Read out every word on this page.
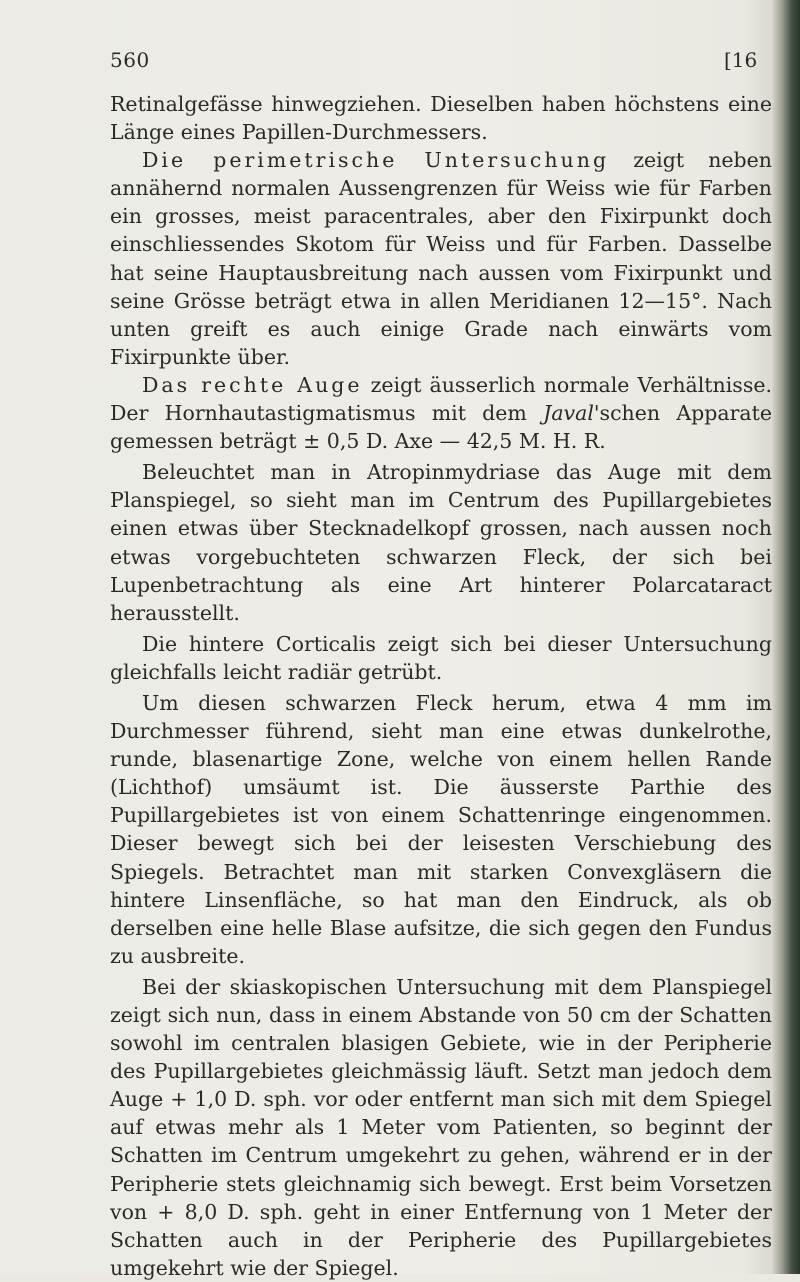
560	[16

Retinalgefässe hinwegziehen. Dieselben haben höchstens eine Länge eines Papillen-Durchmessers.

Die perimetrische Untersuchung zeigt neben annähernd normalen Aussengrenzen für Weiss wie für Farben ein grosses, meist paracentrales, aber den Fixirpunkt doch einschliessendes Skotom für Weiss und für Farben. Dasselbe hat seine Hauptausbreitung nach aussen vom Fixirpunkt und seine Grösse beträgt etwa in allen Meridianen 12—15°. Nach unten greift es auch einige Grade nach einwärts vom Fixirpunkte über.

Das rechte Auge zeigt äusserlich normale Verhältnisse. Der Hornhautastigmatismus mit dem Javal'schen Apparate gemessen beträgt ± 0,5 D. Axe — 42,5 M. H. R.

Beleuchtet man in Atropinmydriase das Auge mit dem Planspiegel, so sieht man im Centrum des Pupillargebietes einen etwas über Stecknadelkopf grossen, nach aussen noch etwas vorgebuchteten schwarzen Fleck, der sich bei Lupenbetrachtung als eine Art hinterer Polarcataract herausstellt.

Die hintere Corticalis zeigt sich bei dieser Untersuchung gleichfalls leicht radiär getrübt.

Um diesen schwarzen Fleck herum, etwa 4 mm im Durchmesser führend, sieht man eine etwas dunkelrothe, runde, blasenartige Zone, welche von einem hellen Rande (Lichthof) umsäumt ist. Die äusserste Parthie des Pupillargebietes ist von einem Schattenringe eingenommen. Dieser bewegt sich bei der leisesten Verschiebung des Spiegels. Betrachtet man mit starken Convexgläsern die hintere Linsenfläche, so hat man den Eindruck, als ob derselben eine helle Blase aufsitze, die sich gegen den Fundus zu ausbreite.

Bei der skiaskopischen Untersuchung mit dem Planspiegel zeigt sich nun, dass in einem Abstande von 50 cm der Schatten sowohl im centralen blasigen Gebiete, wie in der Peripherie des Pupillargebietes gleichmässig läuft. Setzt man jedoch dem Auge + 1,0 D. sph. vor oder entfernt man sich mit dem Spiegel auf etwas mehr als 1 Meter vom Patienten, so beginnt der Schatten im Centrum umgekehrt zu gehen, während er in der Peripherie stets gleichnamig sich bewegt. Erst beim Vorsetzen von + 8,0 D. sph. geht in einer Entfernung von 1 Meter der Schatten auch in der Peripherie des Pupillargebietes umgekehrt wie der Spiegel.
